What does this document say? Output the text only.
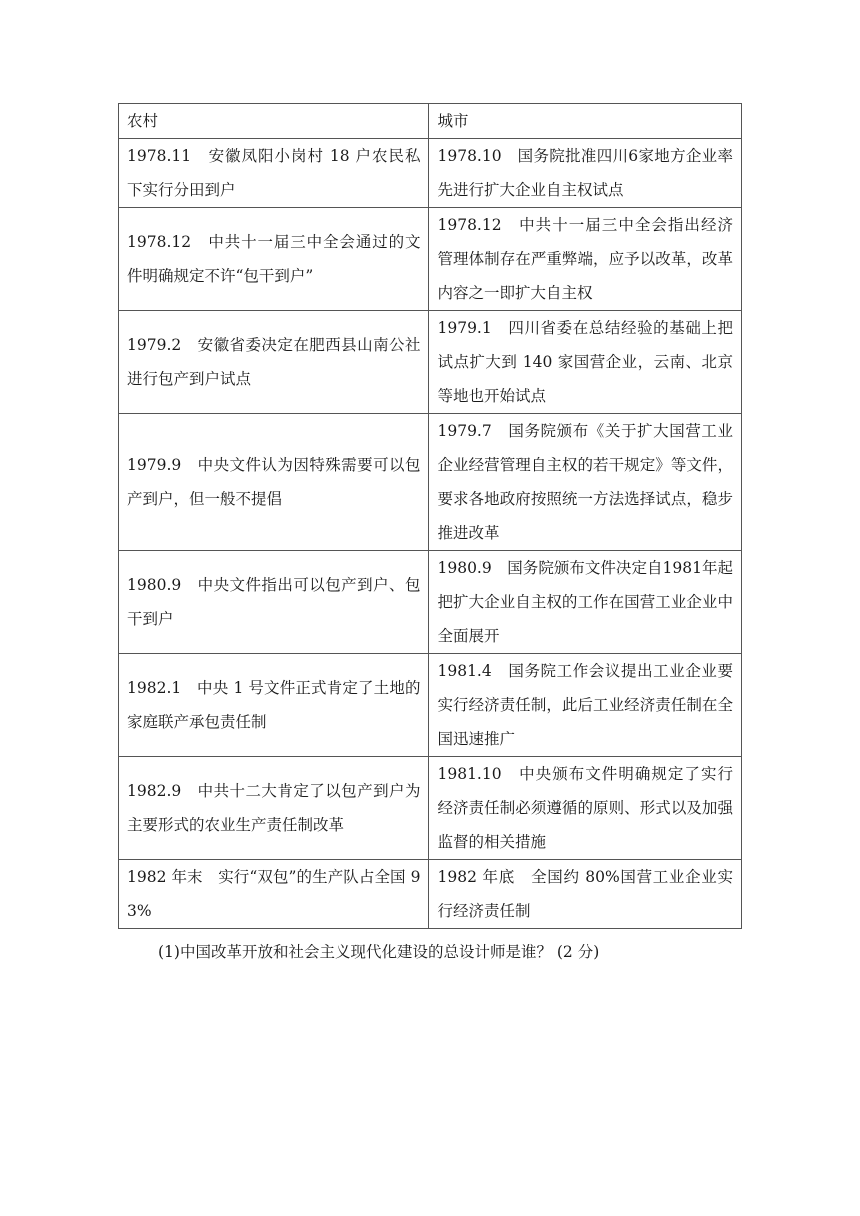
农村	城市
1978.11　安徽凤阳小岗村 18 户农民私下实行分田到户	1978.10　国务院批准四川6家地方企业率先进行扩大企业自主权试点
1978.12　中共十一届三中全会通过的文件明确规定不许“包干到户”	1978.12　中共十一届三中全会指出经济管理体制存在严重弊端，应予以改革，改革内容之一即扩大自主权
1979.2　安徽省委决定在肥西县山南公社进行包产到户试点	1979.1　四川省委在总结经验的基础上把试点扩大到 140 家国营企业，云南、北京等地也开始试点
1979.9　中央文件认为因特殊需要可以包产到户，但一般不提倡	1979.7　国务院颁布《关于扩大国营工业企业经营管理自主权的若干规定》等文件，要求各地政府按照统一方法选择试点，稳步推进改革
1980.9　中央文件指出可以包产到户、包干到户	1980.9　国务院颁布文件决定自1981年起把扩大企业自主权的工作在国营工业企业中全面展开
1982.1　中央 1 号文件正式肯定了土地的家庭联产承包责任制	1981.4　国务院工作会议提出工业企业要实行经济责任制，此后工业经济责任制在全国迅速推广
1982.9　中共十二大肯定了以包产到户为主要形式的农业生产责任制改革	1981.10　中央颁布文件明确规定了实行经济责任制必须遵循的原则、形式以及加强监督的相关措施
1982 年末　实行“双包”的生产队占全国 93%	1982 年底　全国约 80%国营工业企业实行经济责任制
(1)中国改革开放和社会主义现代化建设的总设计师是谁？ (2 分)
